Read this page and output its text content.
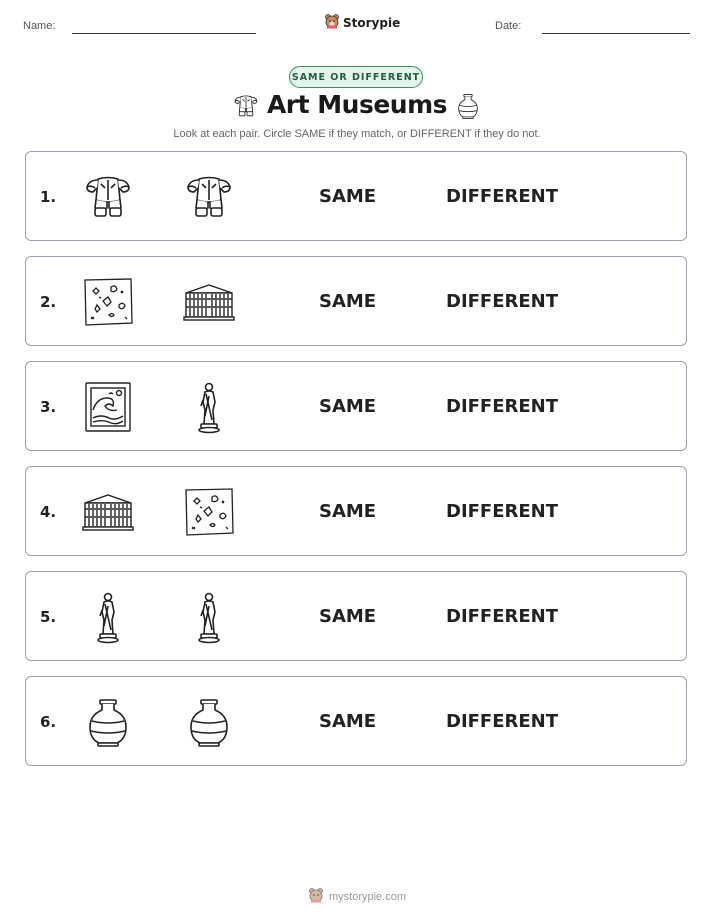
Name:	Storypie	Date:
SAME OR DIFFERENT
Art Museums
Look at each pair. Circle SAME if they match, or DIFFERENT if they do not.
1.	SAME	DIFFERENT
2.	SAME	DIFFERENT
3.	SAME	DIFFERENT
4.	SAME	DIFFERENT
5.	SAME	DIFFERENT
6.	SAME	DIFFERENT
mystorypie.com
